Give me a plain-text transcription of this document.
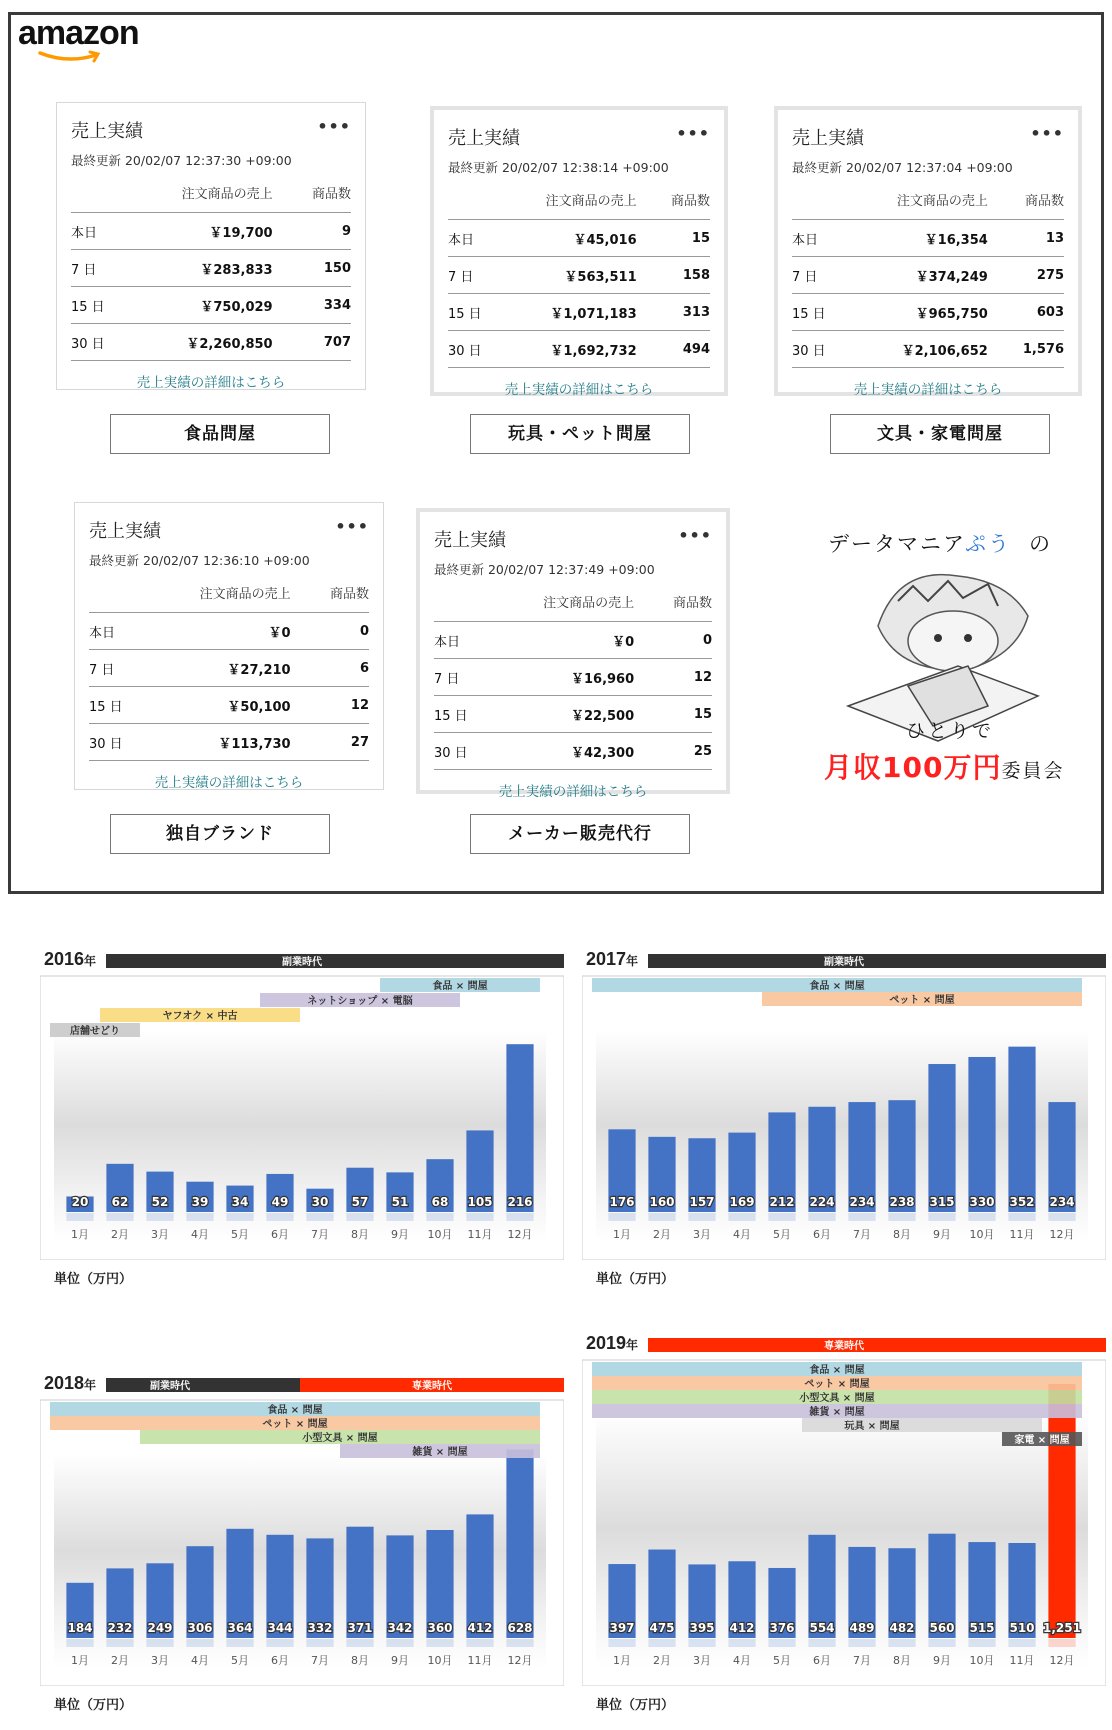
amazon
売上実績	•••
最終更新 20/02/07 12:37:30 +09:00
	注文商品の売上	商品数
本日	￥19,700	9
7 日	￥283,833	150
15 日	￥750,029	334
30 日	￥2,260,850	707
売上実績の詳細はこちら
食品問屋
売上実績	•••
最終更新 20/02/07 12:38:14 +09:00
	注文商品の売上	商品数
本日	￥45,016	15
7 日	￥563,511	158
15 日	￥1,071,183	313
30 日	￥1,692,732	494
売上実績の詳細はこちら
玩具・ペット問屋
売上実績	•••
最終更新 20/02/07 12:37:04 +09:00
	注文商品の売上	商品数
本日	￥16,354	13
7 日	￥374,249	275
15 日	￥965,750	603
30 日	￥2,106,652	1,576
売上実績の詳細はこちら
文具・家電問屋
売上実績	•••
最終更新 20/02/07 12:36:10 +09:00
	注文商品の売上	商品数
本日	￥0	0
7 日	￥27,210	6
15 日	￥50,100	12
30 日	￥113,730	27
売上実績の詳細はこちら
独自ブランド
売上実績	•••
最終更新 20/02/07 12:37:49 +09:00
	注文商品の売上	商品数
本日	￥0	0
7 日	￥16,960	12
15 日	￥22,500	15
30 日	￥42,300	25
売上実績の詳細はこちら
メーカー販売代行
データマニアぷう の
ひとりで
月収100万円委員会
副業時代
2016年
20
1月
62
2月
52
3月
39
4月
34
5月
49
6月
30
7月
57
8月
51
9月
68
10月
105
11月
216
12月
食品 × 問屋
ネットショップ × 電脳
ヤフオク × 中古
店舗せどり
単位（万円）
副業時代
2017年
176
1月
160
2月
157
3月
169
4月
212
5月
224
6月
234
7月
238
8月
315
9月
330
10月
352
11月
234
12月
食品 × 問屋
ペット × 問屋
単位（万円）
副業時代	専業時代
2018年
184
1月
232
2月
249
3月
306
4月
364
5月
344
6月
332
7月
371
8月
342
9月
360
10月
412
11月
628
12月
食品 × 問屋
ペット × 問屋
小型文具 × 問屋
雑貨 × 問屋
単位（万円）
専業時代
2019年
397
1月
475
2月
395
3月
412
4月
376
5月
554
6月
489
7月
482
8月
560
9月
515
10月
510
11月
1,251
12月
食品 × 問屋
ペット × 問屋
小型文具 × 問屋
雑貨 × 問屋
玩具 × 問屋
家電 × 問屋
単位（万円）
